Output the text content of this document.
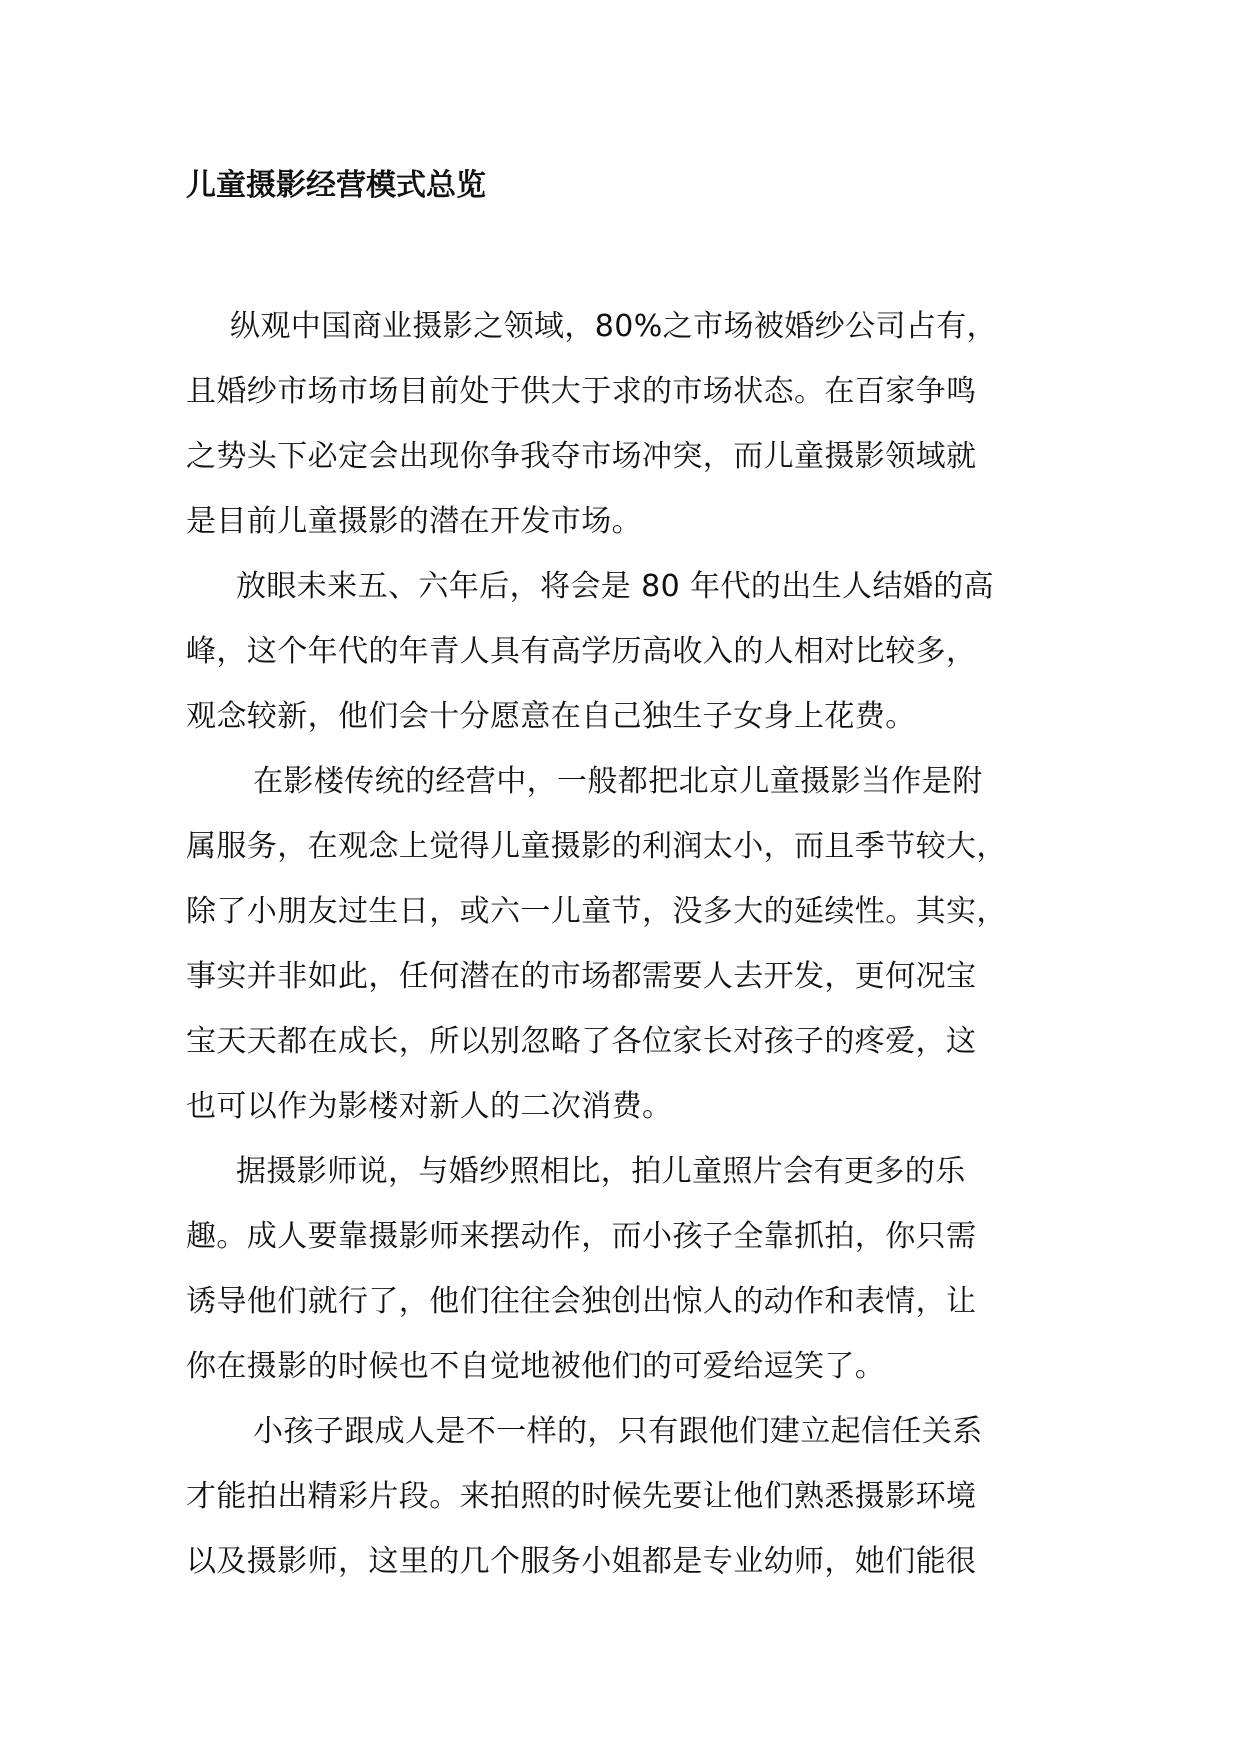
儿童摄影经营模式总览

纵观中国商业摄影之领域，80%之市场被婚纱公司占有，
且婚纱市场市场目前处于供大于求的市场状态。在百家争鸣
之势头下必定会出现你争我夺市场冲突，而儿童摄影领域就
是目前儿童摄影的潜在开发市场。

放眼未来五、六年后，将会是 80 年代的出生人结婚的高
峰，这个年代的年青人具有高学历高收入的人相对比较多，
观念较新，他们会十分愿意在自己独生子女身上花费。

在影楼传统的经营中，一般都把北京儿童摄影当作是附
属服务，在观念上觉得儿童摄影的利润太小，而且季节较大，
除了小朋友过生日，或六一儿童节，没多大的延续性。其实，
事实并非如此，任何潜在的市场都需要人去开发，更何况宝
宝天天都在成长，所以别忽略了各位家长对孩子的疼爱，这
也可以作为影楼对新人的二次消费。

据摄影师说，与婚纱照相比，拍儿童照片会有更多的乐
趣。成人要靠摄影师来摆动作，而小孩子全靠抓拍，你只需
诱导他们就行了，他们往往会独创出惊人的动作和表情，让
你在摄影的时候也不自觉地被他们的可爱给逗笑了。

小孩子跟成人是不一样的，只有跟他们建立起信任关系
才能拍出精彩片段。来拍照的时候先要让他们熟悉摄影环境
以及摄影师，这里的几个服务小姐都是专业幼师，她们能很
